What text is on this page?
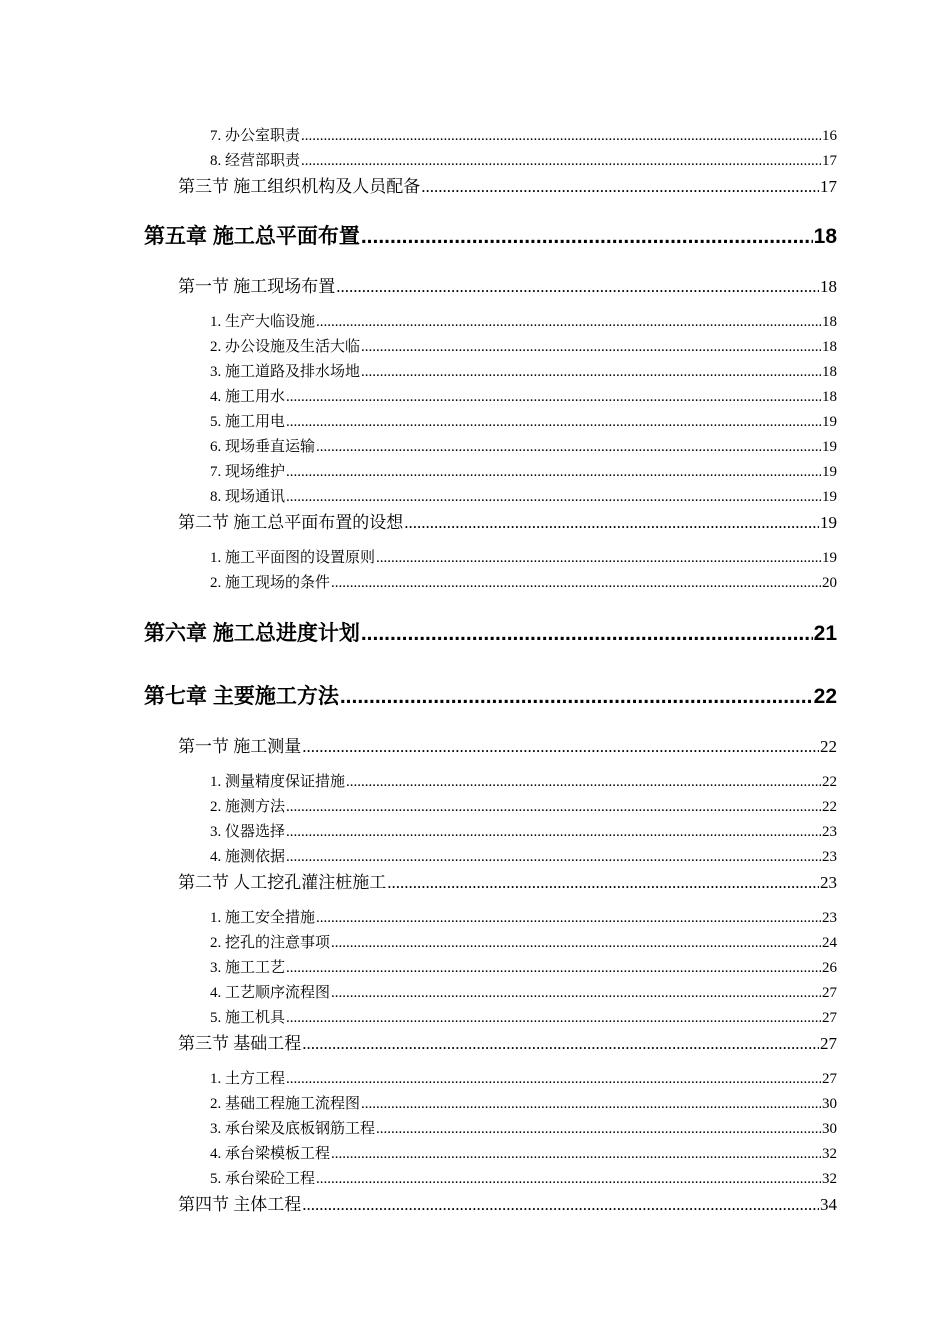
7. 办公室职责 .....	16
8. 经营部职责 .....	17
第三节 施工组织机构及人员配备 .....	17
第五章 施工总平面布置 .....	18
第一节 施工现场布置 .....	18
1. 生产大临设施 .....	18
2. 办公设施及生活大临 .....	18
3. 施工道路及排水场地 .....	18
4. 施工用水 .....	18
5. 施工用电 .....	19
6. 现场垂直运输 .....	19
7. 现场维护 .....	19
8. 现场通讯 .....	19
第二节 施工总平面布置的设想 .....	19
1. 施工平面图的设置原则 .....	19
2. 施工现场的条件 .....	20
第六章 施工总进度计划 .....	21
第七章 主要施工方法 .....	22
第一节 施工测量 .....	22
1. 测量精度保证措施 .....	22
2. 施测方法 .....	22
3. 仪器选择 .....	23
4. 施测依据 .....	23
第二节 人工挖孔灌注桩施工 .....	23
1. 施工安全措施 .....	23
2. 挖孔的注意事项 .....	24
3. 施工工艺 .....	26
4. 工艺顺序流程图 .....	27
5. 施工机具 .....	27
第三节 基础工程 .....	27
1. 土方工程 .....	27
2. 基础工程施工流程图 .....	30
3. 承台梁及底板钢筋工程 .....	30
4. 承台梁模板工程 .....	32
5. 承台梁砼工程 .....	32
第四节 主体工程 .....	34
